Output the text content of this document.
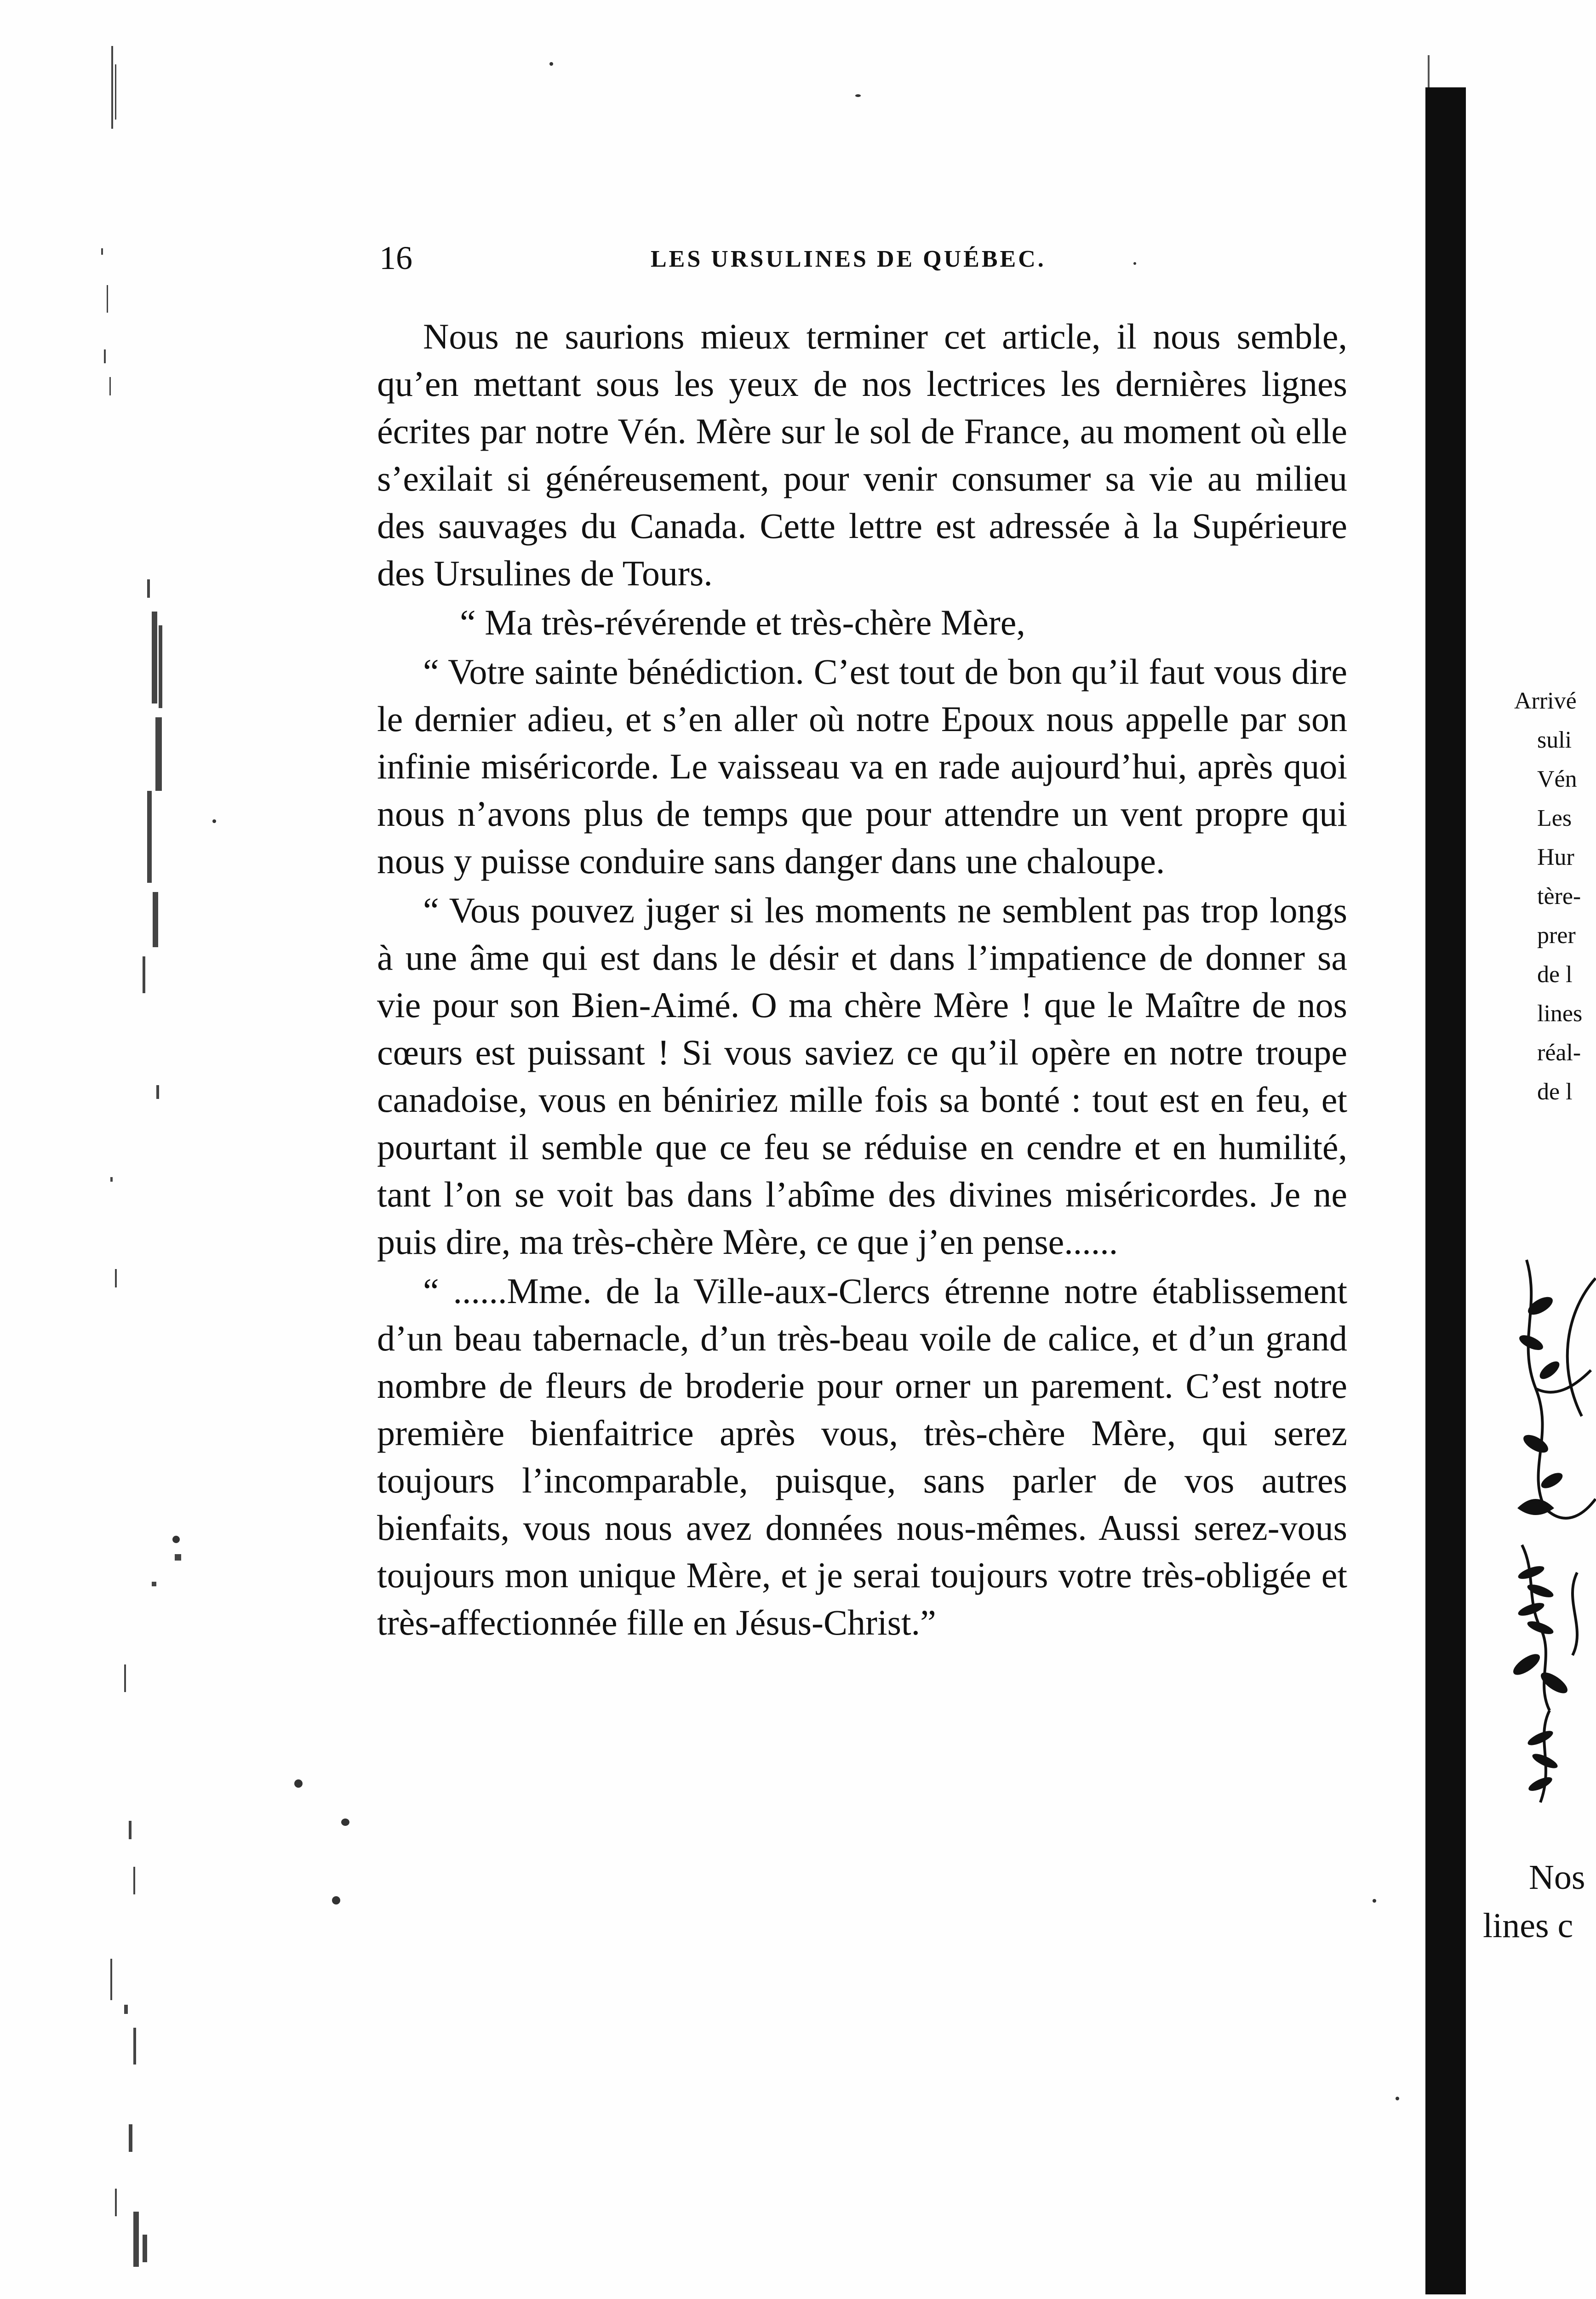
16	LES URSULINES DE QUÉBEC.

Nous ne saurions mieux terminer cet article, il nous semble, qu’en mettant sous les yeux de nos lectrices les dernières lignes écrites par notre Vén. Mère sur le sol de France, au moment où elle s’exilait si généreusement, pour venir consumer sa vie au milieu des sauvages du Canada. Cette lettre est adressée à la Supérieure des Ursulines de Tours.

“ Ma très-révérende et très-chère Mère,

“ Votre sainte bénédiction. C’est tout de bon qu’il faut vous dire le dernier adieu, et s’en aller où notre Epoux nous appelle par son infinie miséricorde. Le vaisseau va en rade aujourd’hui, après quoi nous n’avons plus de temps que pour attendre un vent propre qui nous y puisse conduire sans danger dans une chaloupe.

“ Vous pouvez juger si les moments ne semblent pas trop longs à une âme qui est dans le désir et dans l’impatience de donner sa vie pour son Bien-Aimé. O ma chère Mère ! que le Maître de nos cœurs est puissant ! Si vous saviez ce qu’il opère en notre troupe canadoise, vous en béniriez mille fois sa bonté : tout est en feu, et pourtant il semble que ce feu se réduise en cendre et en humilité, tant l’on se voit bas dans l’abîme des divines miséricordes. Je ne puis dire, ma très-chère Mère, ce que j’en pense......

“ ......Mme. de la Ville-aux-Clercs étrenne notre établissement d’un beau tabernacle, d’un très-beau voile de calice, et d’un grand nombre de fleurs de broderie pour orner un parement. C’est notre première bienfaitrice après vous, très-chère Mère, qui serez toujours l’incomparable, puisque, sans parler de vos autres bienfaits, vous nous avez données nous-mêmes. Aussi serez-vous toujours mon unique Mère, et je serai toujours votre très-obligée et très-affectionnée fille en Jésus-Christ.”

Arrivé
suli
Vén
Les
Hur
tère-
prer
de l
lines
réal-
de l
Nos
lines c
